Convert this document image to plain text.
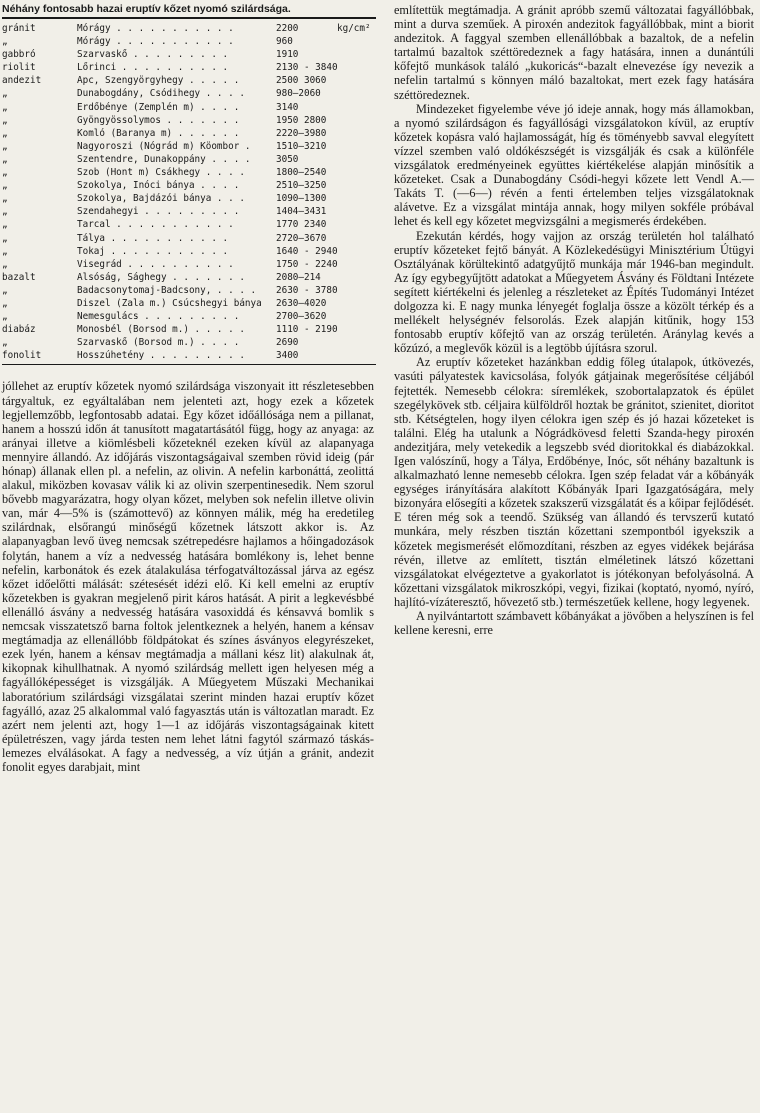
Néhány fontosabb hazai eruptív kőzet nyomó szilárdsága.
gránit	Mórágy . . . . . . . . . . .	2200	kg/cm²
„	Mórágy . . . . . . . . . . .	960
gabbró	Szarvaskő . . . . . . . . .	1910
riolit	Lőrinci . . . . . . . . . .	2130 - 3840
andezit	Apc, Szengyörgyhegy . . . . .	2500 3060
„	Dunabogdány, Csódihegy . . . .	980—2060
„	Erdőbénye (Zemplén m) . . . .	3140
„	Gyöngyössolymos . . . . . . .	1950 2800
„	Komló (Baranya m) . . . . . .	2220—3980
„	Nagyoroszi (Nógrád m) Köombor .	1510—3210
„	Szentendre, Dunakoppány . . . .	3050
„	Szob (Hont m) Csákhegy . . . .	1800—2540
„	Szokolya, Inóci bánya . . . .	2510—3250
„	Szokolya, Bajdázói bánya . . .	1090—1300
„	Szendahegyi . . . . . . . . .	1404—3431
„	Tarcal . . . . . . . . . . .	1770 2340
„	Tálya . . . . . . . . . . .	2720—3670
„	Tokaj . . . . . . . . . . .	1640 - 2940
„	Visegrád . . . . . . . . . .	1750 - 2240
bazalt	Alsóság, Sághegy . . . . . . .	2080—214
„	Badacsonytomaj-Badcsony, . . . . 2630 - 3780
„	Diszel (Zala m.) Csúcshegyi bánya 2630—4020
„	Nemesgulács . . . . . . . . .	2700—3620
diabáz	Monosbél (Borsod m.) . . . . .	1110 - 2190
„	Szarvaskő (Borsod m.) . . . .	2690
fonolit	Hosszúhetény . . . . . . . . .	3400

jóllehet az eruptív kőzetek nyomó szilárdsága viszonyait itt részletesebben tárgyaltuk, ez egyáltalában nem jelenteti azt, hogy ezek a kőzetek legjellemzőbb, legfontosabb adatai. Egy kőzet időállósága nem a pillanat, hanem a hosszú időn át tanusított magatartásától függ, hogy az anyaga: az arányai illetve a kiömlésbeli kőzeteknél ezeken kívül az alapanyaga mennyire állandó. Az időjárás viszontagságaival szemben rövid ideig (pár hónap) állanak ellen pl. a nefelin, az olivin. A nefelin karbonáttá, zeolittá alakul, miközben kovasav válik ki az olivin szerpentinesedik. Nem szorul bővebb magyarázatra, hogy olyan kőzet, melyben sok nefelin illetve olivin van, már 4—5% is (számottevő) az könnyen málik, még ha eredetileg szilárdnak, elsőrangú minőségű kőzetnek látszott akkor is. Az alapanyagban levő üveg nemcsak szétrepedésre hajlamos a hőingadozások folytán, hanem a víz a nedvesség hatására bomlékony is, lehet benne nefelin, karbonátok és ezek átalakulása térfogatváltozással járva az egész kőzet időelőtti málását: szétesését idézi elő. Ki kell emelni az eruptív kőzetekben is gyakran megjelenő pirit káros hatását. A pirit a legkevésbbé ellenálló ásvány a nedvesség hatására vasoxiddá és kénsavvá bomlik s nemcsak visszatetsző barna foltok jelentkeznek a helyén, hanem a kénsav megtámadja az ellenállóbb földpátokat és színes ásványos elegyrészeket, ezek lyén, hanem a kénsav megtámadja a mállani kész lit) alakulnak át, kikopnak kihullhatnak. A nyomó szilárdság mellett igen helyesen még a fagyállóképességet is vizsgálják. A Műegyetem Műszaki Mechanikai laboratórium szilárdsági vizsgálatai szerint minden hazai eruptív kőzet fagyálló, azaz 25 alkalommal való fagyasztás után is változatlan maradt. Ez azért nem jelenti azt, hogy 1—1 az időjárás viszontagságainak kitett épületrészen, vagy járda testen nem lehet látni fagytól származó táskás-lemezes elválásokat. A fagy a nedvesség, a víz útján a gránit, andezit fonolit egyes darabjait, mint

említettük megtámadja. A gránit apróbb szemű változatai fagyállóbbak, mint a durva szeműek. A piroxén andezitok fagyállóbbak, mint a biorit andezitok. A faggyal szemben ellenállóbbak a bazaltok, de a nefelin tartalmú bazaltok széttöredeznek a fagy hatására, innen a dunántúli kőfejtő munkások találó „kukoricás“-bazalt elnevezése így nevezik a nefelin tartalmú s könnyen máló bazaltokat, mert ezek fagy hatására széttöredeznek.

Mindezeket figyelembe véve jó ideje annak, hogy más államokban, a nyomó szilárdságon és fagyállósági vizsgálatokon kívül, az eruptív kőzetek kopásra való hajlamosságát, híg és töményebb savval elegyített vízzel szemben való oldókészségét is vizsgálják és csak a különféle vizsgálatok eredményeinek együttes kiértékelése alapján minősítik a kőzeteket. Csak a Dunabogdány Csódi-hegyi kőzete lett Vendl A.—Takáts T. (—6—) révén a fenti értelemben teljes vizsgálatoknak alávetve. Ez a vizsgálat mintája annak, hogy milyen sokféle próbával lehet és kell egy kőzetet megvizsgálni a megismerés érdekében.

Ezekután kérdés, hogy vajjon az ország területén hol található eruptív kőzeteket fejtő bányát. A Közlekedésügyi Minisztérium Útügyi Osztályának körültekintő adatgyűjtő munkája már 1946-ban megindult. Az így egybegyűjtött adatokat a Műegyetem Ásvány és Földtani Intézete segített kiértékelni és jelenleg a részleteket az Építés Tudományi Intézet dolgozza ki. E nagy munka lényegét foglalja össze a közölt térkép és a mellékelt helységnév felsorolás. Ezek alapján kitűnik, hogy 153 fontosabb eruptív kőfejtő van az ország területén. Aránylag kevés a kőzúzó, a meglevők közül is a legtöbb újításra szorul.

Az eruptív kőzeteket hazánkban eddig főleg útalapok, útkövezés, vasúti pályatestek kavicsolása, folyók gátjainak megerősítése céljából fejtették. Nemesebb célokra: síremlékek, szobortalapzatok és épület szegélykövek stb. céljaira külföldről hoztak be gránitot, szienitet, dioritot stb. Kétségtelen, hogy ilyen célokra igen szép és jó hazai kőzeteket is találni. Elég ha utalunk a Nógrádkövesd feletti Szanda-hegy piroxén andezitjára, mely vetekedik a legszebb svéd dioritokkal és diabázokkal. Igen valószínű, hogy a Tálya, Erdőbénye, Inóc, sőt néhány bazaltunk is alkalmazható lenne nemesebb célokra. Igen szép feladat vár a kőbányák egységes irányítására alakított Kőbányák Ipari Igazgatóságára, mely bizonyára elősegíti a kőzetek szakszerű vizsgálatát és a kőipar fejlődését. E téren még sok a teendő. Szükség van állandó és tervszerű kutató munkára, mely részben tisztán kőzettani szempontból igyekszik a kőzetek megismerését előmozdítani, részben az egyes vidékek bejárása révén, illetve az említett, tisztán elméletinek látszó kőzettani vizsgálatokat elvégeztetve a gyakorlatot is jótékonyan befolyásolná. A kőzettani vizsgálatok mikroszkópi, vegyi, fizikai (koptató, nyomó, nyíró, hajlító-vízáteresztő, hővezető stb.) természetűek kellene, hogy legyenek.

A nyilvántartott számbavett kőbányákat a jövőben a helyszínen is fel kellene keresni, erre
